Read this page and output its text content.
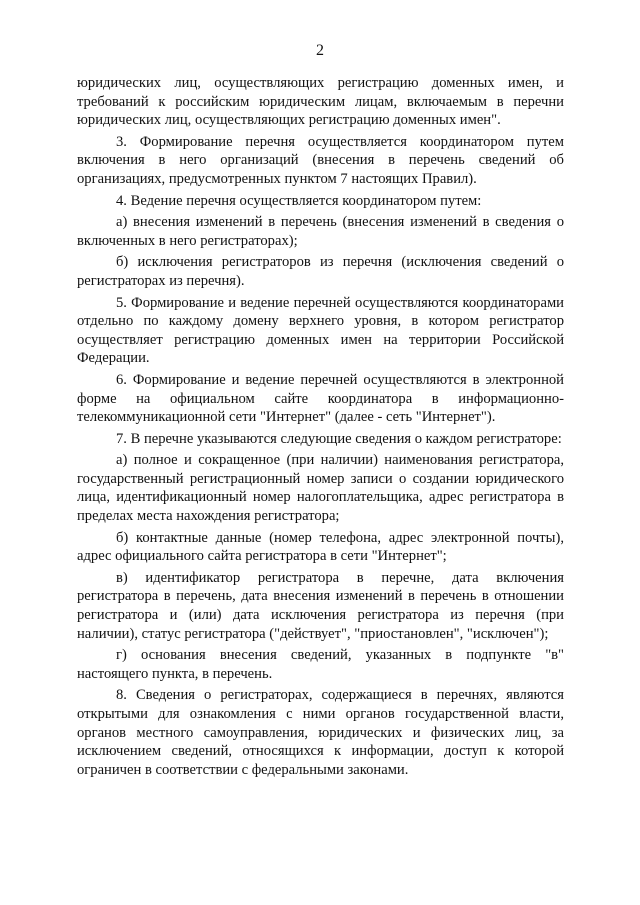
2

юридических лиц, осуществляющих регистрацию доменных имен, и требований к российским юридическим лицам, включаемым в перечни юридических лиц, осуществляющих регистрацию доменных имен".

3. Формирование перечня осуществляется координатором путем включения в него организаций (внесения в перечень сведений об организациях, предусмотренных пунктом 7 настоящих Правил).

4. Ведение перечня осуществляется координатором путем:

а) внесения изменений в перечень (внесения изменений в сведения о включенных в него регистраторах);

б) исключения регистраторов из перечня (исключения сведений о регистраторах из перечня).

5. Формирование и ведение перечней осуществляются координаторами отдельно по каждому домену верхнего уровня, в котором регистратор осуществляет регистрацию доменных имен на территории Российской Федерации.

6. Формирование и ведение перечней осуществляются в электронной форме на официальном сайте координатора в информационно-телекоммуникационной сети "Интернет" (далее - сеть "Интернет").

7. В перечне указываются следующие сведения о каждом регистраторе:

а) полное и сокращенное (при наличии) наименования регистратора, государственный регистрационный номер записи о создании юридического лица, идентификационный номер налогоплательщика, адрес регистратора в пределах места нахождения регистратора;

б) контактные данные (номер телефона, адрес электронной почты), адрес официального сайта регистратора в сети "Интернет";

в) идентификатор регистратора в перечне, дата включения регистратора в перечень, дата внесения изменений в перечень в отношении регистратора и (или) дата исключения регистратора из перечня (при наличии), статус регистратора ("действует", "приостановлен", "исключен");

г) основания внесения сведений, указанных в подпункте "в" настоящего пункта, в перечень.

8. Сведения о регистраторах, содержащиеся в перечнях, являются открытыми для ознакомления с ними органов государственной власти, органов местного самоуправления, юридических и физических лиц, за исключением сведений, относящихся к информации, доступ к которой ограничен в соответствии с федеральными законами.
